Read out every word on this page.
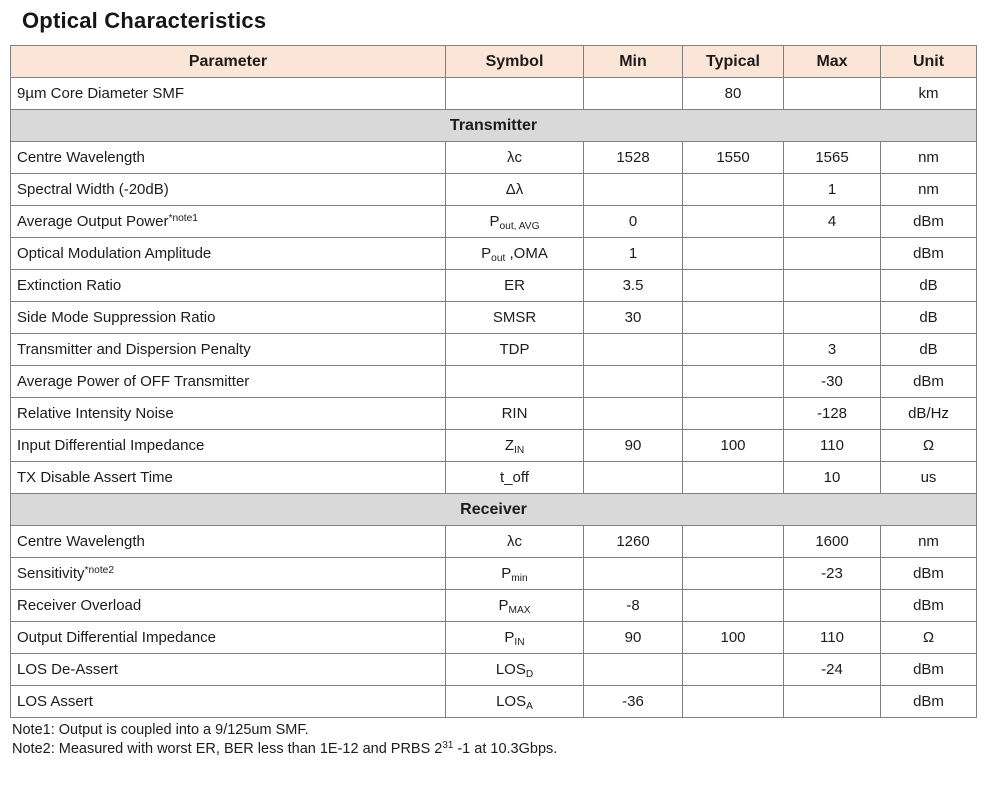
Optical Characteristics
Parameter	Symbol	Min	Typical	Max	Unit
9µm Core Diameter SMF			80		km
Transmitter					
Centre Wavelength	λc	1528	1550	1565	nm
Spectral Width (-20dB)	Δλ			1	nm
Average Output Power$^{*note1}$	$P_{out, AVG}$	0		4	dBm
Optical Modulation Amplitude	$P_{out}$ ,OMA	1			dBm
Extinction Ratio	ER	3.5			dB
Side Mode Suppression Ratio	SMSR	30			dB
Transmitter and Dispersion Penalty	TDP			3	dB
Average Power of OFF Transmitter				-30	dBm
Relative Intensity Noise	RIN			-128	dB/Hz
Input Differential Impedance	$Z_{IN}$	90	100	110	Ω
TX Disable Assert Time	t_off			10	us
Receiver					
Centre Wavelength	λc	1260		1600	nm
Sensitivity$^{*note2}$	$P_{min}$			-23	dBm
Receiver Overload	$P_{MAX}$	-8			dBm
Output Differential Impedance	$P_{IN}$	90	100	110	Ω
LOS De-Assert	$LOS_D$			-24	dBm
LOS Assert	$LOS_A$	-36			dBm

Note1: Output is coupled into a 9/125um SMF.

Note2: Measured with worst ER, BER less than 1E-12 and PRBS $2^{31}$ -1 at 10.3Gbps.
